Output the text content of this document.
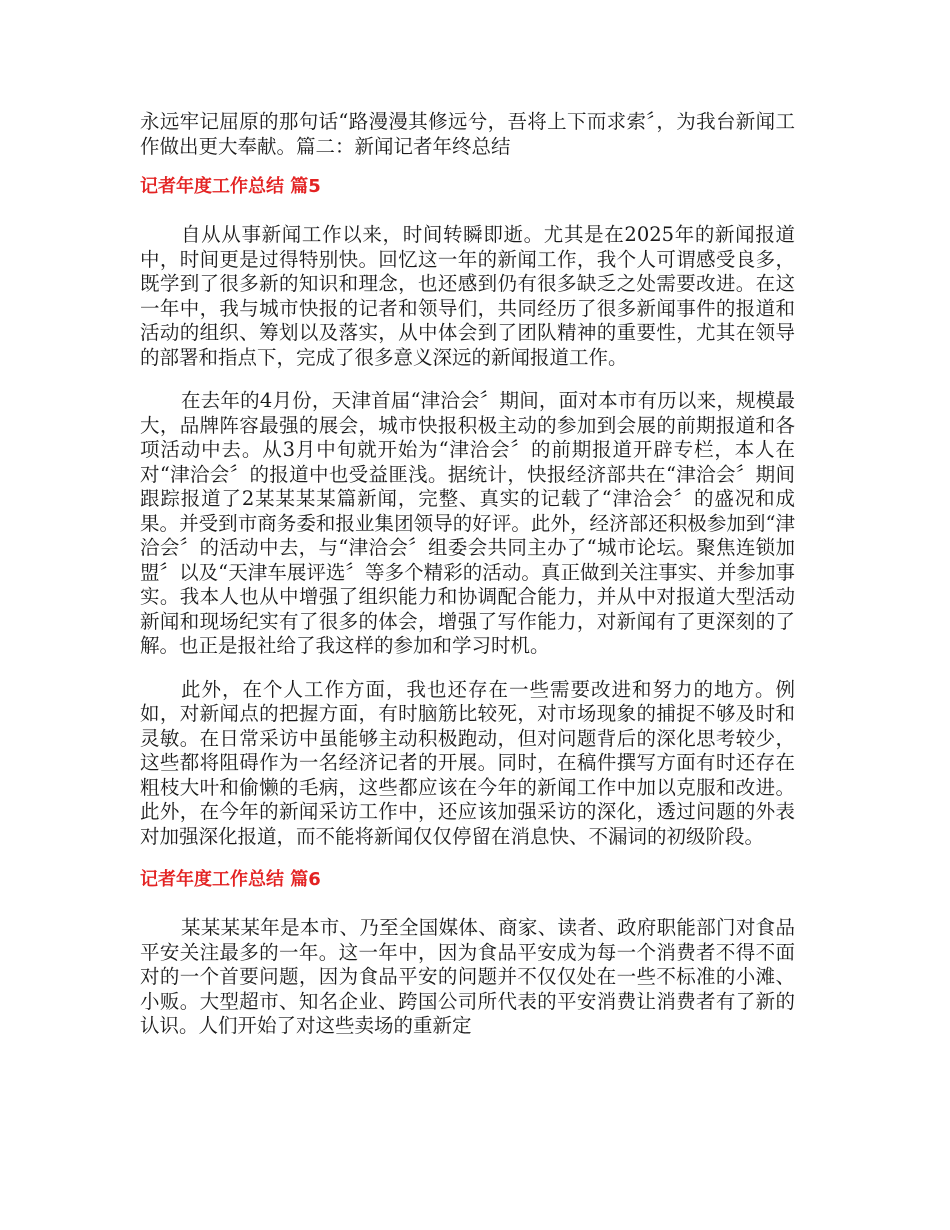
永远牢记屈原的那句话“路漫漫其修远兮，吾将上下而求索〞，为我台新闻工作做出更大奉献。篇二：新闻记者年终总结

记者年度工作总结 篇5

自从从事新闻工作以来，时间转瞬即逝。尤其是在2025年的新闻报道中，时间更是过得特别快。回忆这一年的新闻工作，我个人可谓感受良多，既学到了很多新的知识和理念，也还感到仍有很多缺乏之处需要改进。在这一年中，我与城市快报的记者和领导们，共同经历了很多新闻事件的报道和活动的组织、筹划以及落实，从中体会到了团队精神的重要性，尤其在领导的部署和指点下，完成了很多意义深远的新闻报道工作。

在去年的4月份，天津首届“津洽会〞期间，面对本市有历以来，规模最大，品牌阵容最强的展会，城市快报积极主动的参加到会展的前期报道和各项活动中去。从3月中旬就开始为“津洽会〞的前期报道开辟专栏，本人在对“津洽会〞的报道中也受益匪浅。据统计，快报经济部共在“津洽会〞期间跟踪报道了2某某某某篇新闻，完整、真实的记载了“津洽会〞的盛况和成果。并受到市商务委和报业集团领导的好评。此外，经济部还积极参加到“津洽会〞的活动中去，与“津洽会〞组委会共同主办了“城市论坛。聚焦连锁加盟〞以及“天津车展评选〞等多个精彩的活动。真正做到关注事实、并参加事实。我本人也从中增强了组织能力和协调配合能力，并从中对报道大型活动新闻和现场纪实有了很多的体会，增强了写作能力，对新闻有了更深刻的了解。也正是报社给了我这样的参加和学习时机。

此外，在个人工作方面，我也还存在一些需要改进和努力的地方。例如，对新闻点的把握方面，有时脑筋比较死，对市场现象的捕捉不够及时和灵敏。在日常采访中虽能够主动积极跑动，但对问题背后的深化思考较少，这些都将阻碍作为一名经济记者的开展。同时，在稿件撰写方面有时还存在粗枝大叶和偷懒的毛病，这些都应该在今年的新闻工作中加以克服和改进。此外，在今年的新闻采访工作中，还应该加强采访的深化，透过问题的外表对加强深化报道，而不能将新闻仅仅停留在消息快、不漏词的初级阶段。

记者年度工作总结 篇6

某某某某年是本市、乃至全国媒体、商家、读者、政府职能部门对食品平安关注最多的一年。这一年中，因为食品平安成为每一个消费者不得不面对的一个首要问题，因为食品平安的问题并不仅仅处在一些不标准的小滩、小贩。大型超市、知名企业、跨国公司所代表的平安消费让消费者有了新的认识。人们开始了对这些卖场的重新定
